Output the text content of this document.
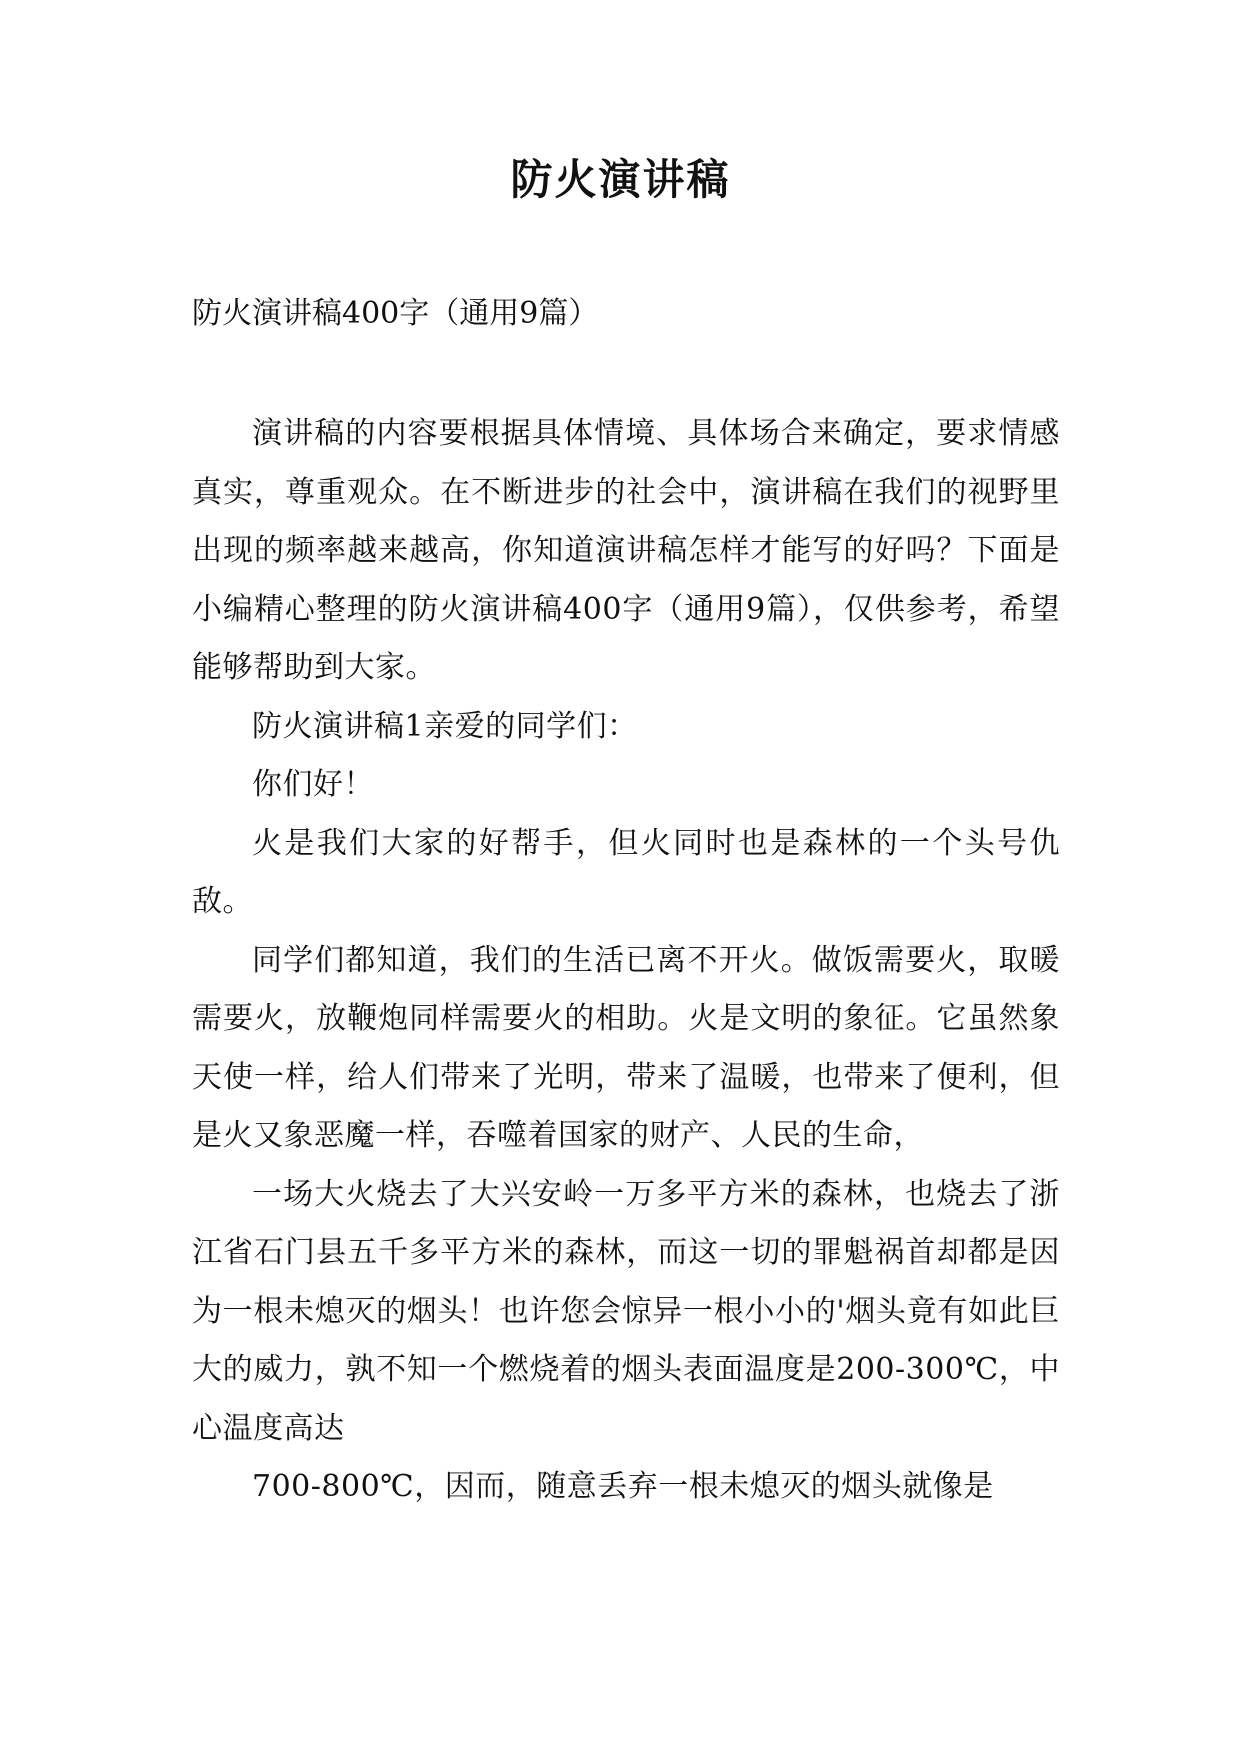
防火演讲稿

防火演讲稿400字（通用9篇）

演讲稿的内容要根据具体情境、具体场合来确定，要求情感真实，尊重观众。在不断进步的社会中，演讲稿在我们的视野里出现的频率越来越高，你知道演讲稿怎样才能写的好吗？下面是小编精心整理的防火演讲稿400字（通用9篇），仅供参考，希望能够帮助到大家。

防火演讲稿1亲爱的同学们：

你们好！

火是我们大家的好帮手，但火同时也是森林的一个头号仇敌。

同学们都知道，我们的生活已离不开火。做饭需要火，取暖需要火，放鞭炮同样需要火的相助。火是文明的象征。它虽然象天使一样，给人们带来了光明，带来了温暖，也带来了便利，但是火又象恶魔一样，吞噬着国家的财产、人民的生命，

一场大火烧去了大兴安岭一万多平方米的森林，也烧去了浙江省石门县五千多平方米的森林，而这一切的罪魁祸首却都是因为一根未熄灭的烟头！也许您会惊异一根小小的'烟头竟有如此巨大的威力，孰不知一个燃烧着的烟头表面温度是200-300℃，中心温度高达

700-800℃，因而，随意丢弃一根未熄灭的烟头就像是
